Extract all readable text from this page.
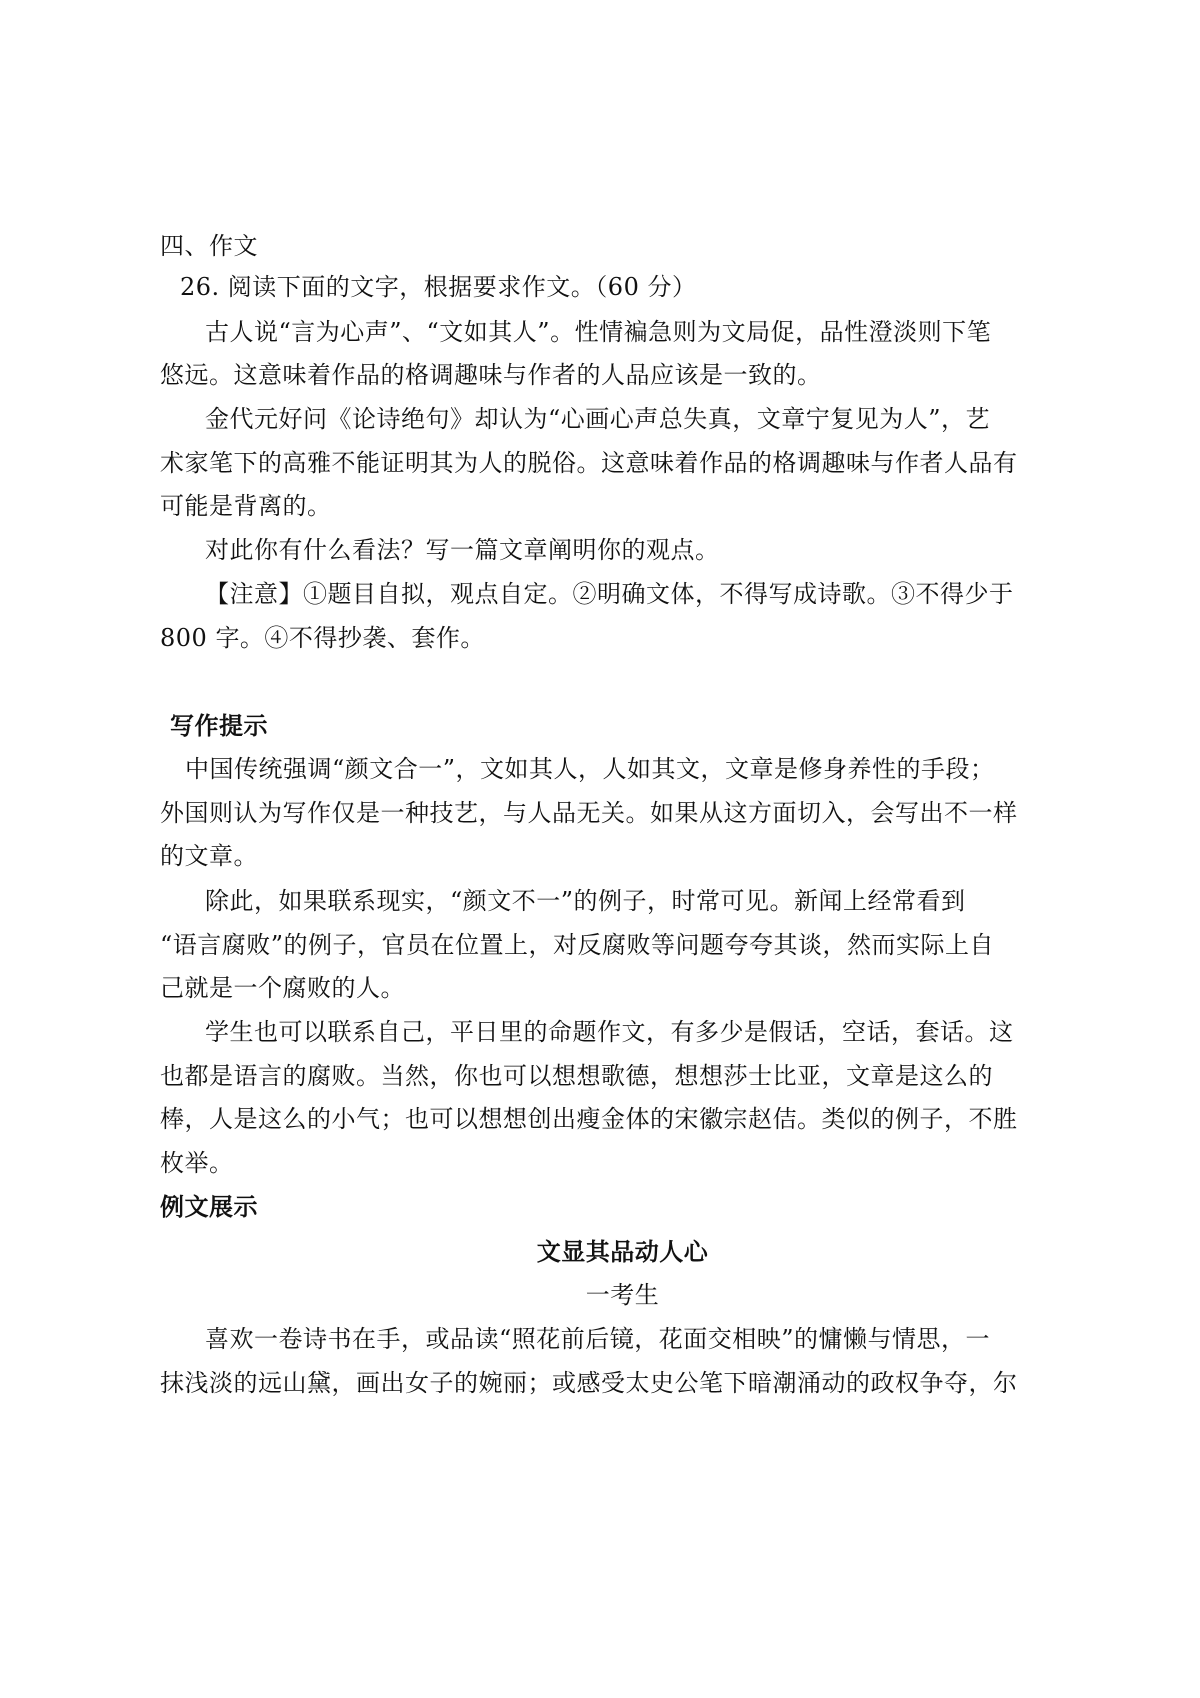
四、作文
26. 阅读下面的文字，根据要求作文。（60 分）
古人说“言为心声”、“文如其人”。性情褊急则为文局促，品性澄淡则下笔
悠远。这意味着作品的格调趣味与作者的人品应该是一致的。
金代元好问《论诗绝句》却认为“心画心声总失真，文章宁复见为人”，艺
术家笔下的高雅不能证明其为人的脱俗。这意味着作品的格调趣味与作者人品有
可能是背离的。
对此你有什么看法？写一篇文章阐明你的观点。
【注意】①题目自拟，观点自定。②明确文体，不得写成诗歌。③不得少于
800 字。④不得抄袭、套作。
写作提示
中国传统强调“颜文合一”，文如其人，人如其文，文章是修身养性的手段；
外国则认为写作仅是一种技艺，与人品无关。如果从这方面切入，会写出不一样
的文章。
除此，如果联系现实，“颜文不一”的例子，时常可见。新闻上经常看到
“语言腐败”的例子，官员在位置上，对反腐败等问题夸夸其谈，然而实际上自
己就是一个腐败的人。
学生也可以联系自己，平日里的命题作文，有多少是假话，空话，套话。这
也都是语言的腐败。当然，你也可以想想歌德，想想莎士比亚，文章是这么的
棒，人是这么的小气；也可以想想创出瘦金体的宋徽宗赵佶。类似的例子，不胜
枚举。
例文展示
文显其品动人心
一考生
喜欢一卷诗书在手，或品读“照花前后镜，花面交相映”的慵懒与情思，一
抹浅淡的远山黛，画出女子的婉丽；或感受太史公笔下暗潮涌动的政权争夺，尔
